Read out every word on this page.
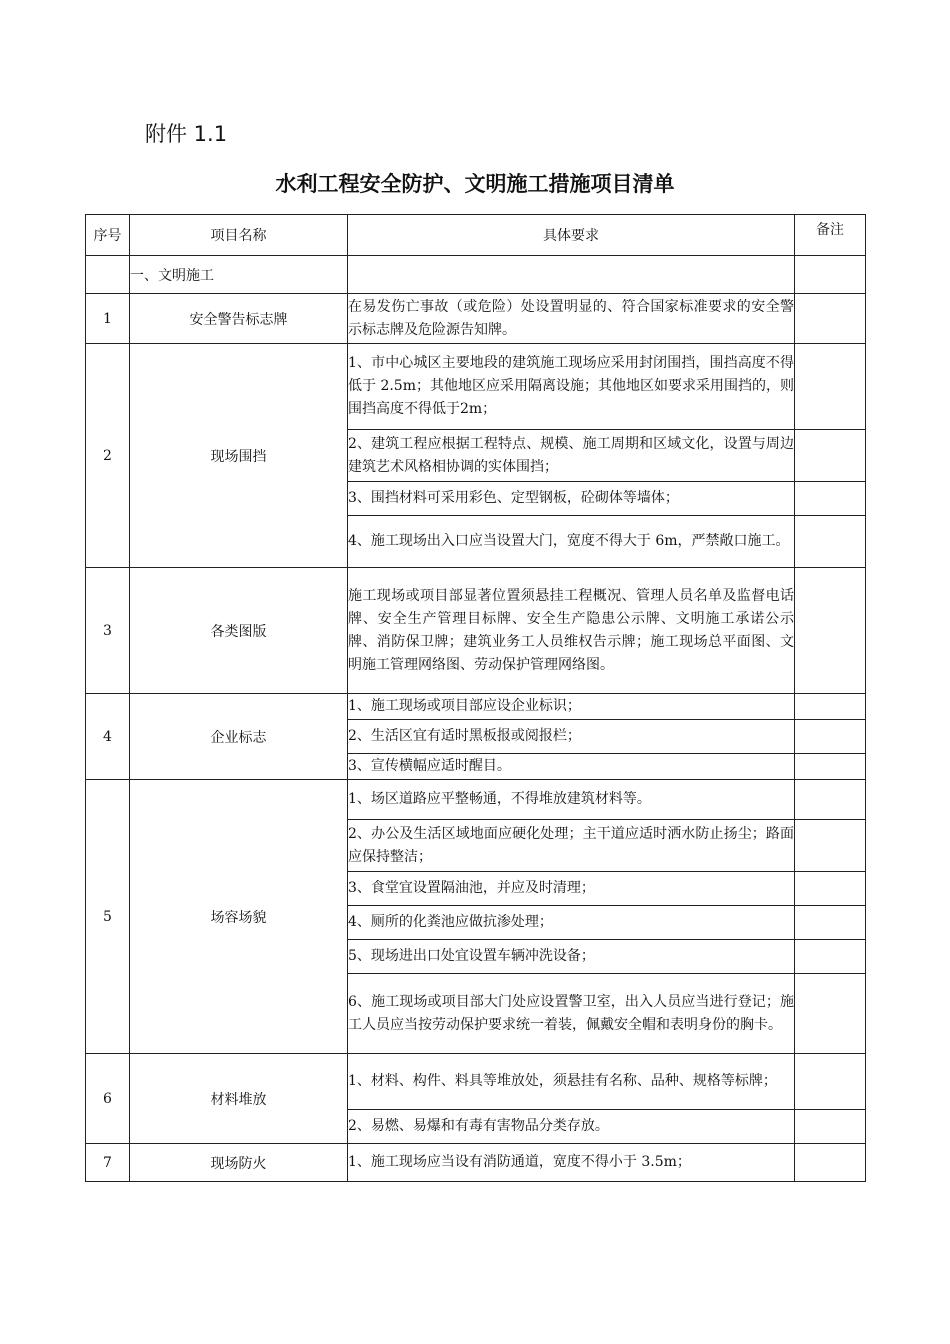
附件 1.1
水利工程安全防护、文明施工措施项目清单
序号	项目名称	具体要求	备注
	一、文明施工		
1	安全警告标志牌	在易发伤亡事故（或危险）处设置明显的、符合国家标准要求的安全警示标志牌及危险源告知牌。	
2	现场围挡	1、市中心城区主要地段的建筑施工现场应采用封闭围挡，围挡高度不得低于 2.5m；其他地区应采用隔离设施；其他地区如要求采用围挡的，则围挡高度不得低于2m；	
		2、建筑工程应根据工程特点、规模、施工周期和区域文化，设置与周边建筑艺术风格相协调的实体围挡；	
		3、围挡材料可采用彩色、定型钢板，砼砌体等墙体；	
		4、施工现场出入口应当设置大门，宽度不得大于 6m，严禁敞口施工。	
3	各类图版	施工现场或项目部显著位置须悬挂工程概况、管理人员名单及监督电话牌、安全生产管理目标牌、安全生产隐患公示牌、文明施工承诺公示牌、消防保卫牌；建筑业务工人员维权告示牌；施工现场总平面图、文明施工管理网络图、劳动保护管理网络图。	
4	企业标志	1、施工现场或项目部应设企业标识；	
		2、生活区宜有适时黑板报或阅报栏；	
		3、宣传横幅应适时醒目。	
5	场容场貌	1、场区道路应平整畅通，不得堆放建筑材料等。	
		2、办公及生活区域地面应硬化处理；主干道应适时洒水防止扬尘；路面应保持整洁；	
		3、食堂宜设置隔油池，并应及时清理；	
		4、厕所的化粪池应做抗渗处理；	
		5、现场进出口处宜设置车辆冲洗设备；	
		6、施工现场或项目部大门处应设置警卫室，出入人员应当进行登记；施工人员应当按劳动保护要求统一着装，佩戴安全帽和表明身份的胸卡。	
6	材料堆放	1、材料、构件、料具等堆放处，须悬挂有名称、品种、规格等标牌；	
		2、易燃、易爆和有毒有害物品分类存放。	
7	现场防火	1、施工现场应当设有消防通道，宽度不得小于 3.5m；	
